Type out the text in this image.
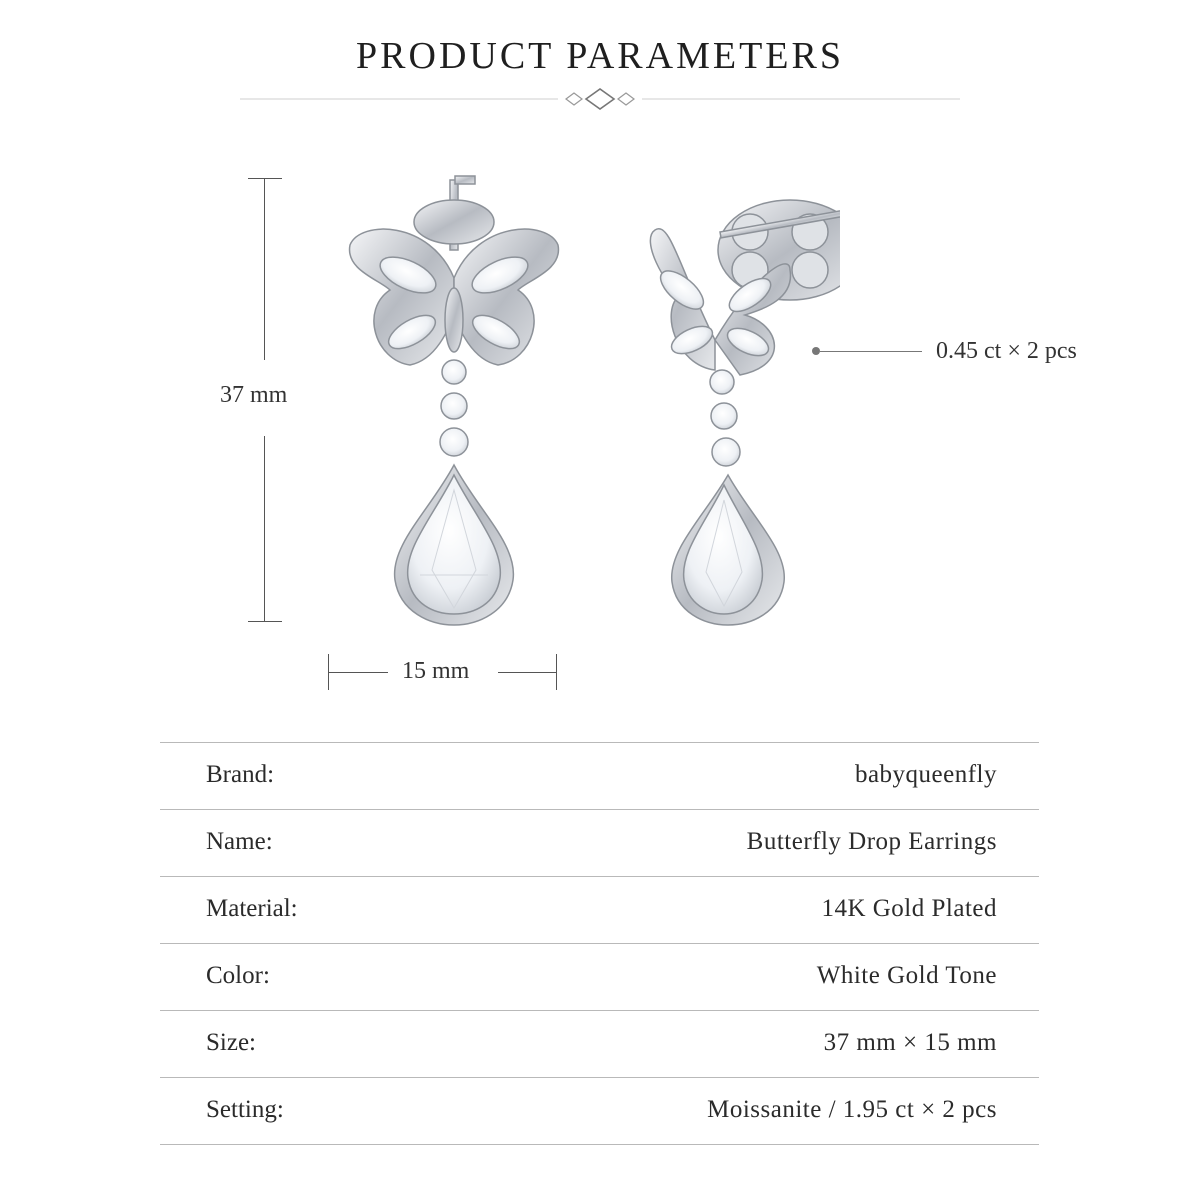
PRODUCT PARAMETERS
37 mm
15 mm
0.45 ct × 2 pcs
Brand:	babyqueenfly
Name:	Butterfly Drop Earrings
Material:	14K Gold Plated
Color:	White Gold Tone
Size:	37 mm × 15 mm
Setting:	Moissanite / 1.95 ct × 2 pcs
